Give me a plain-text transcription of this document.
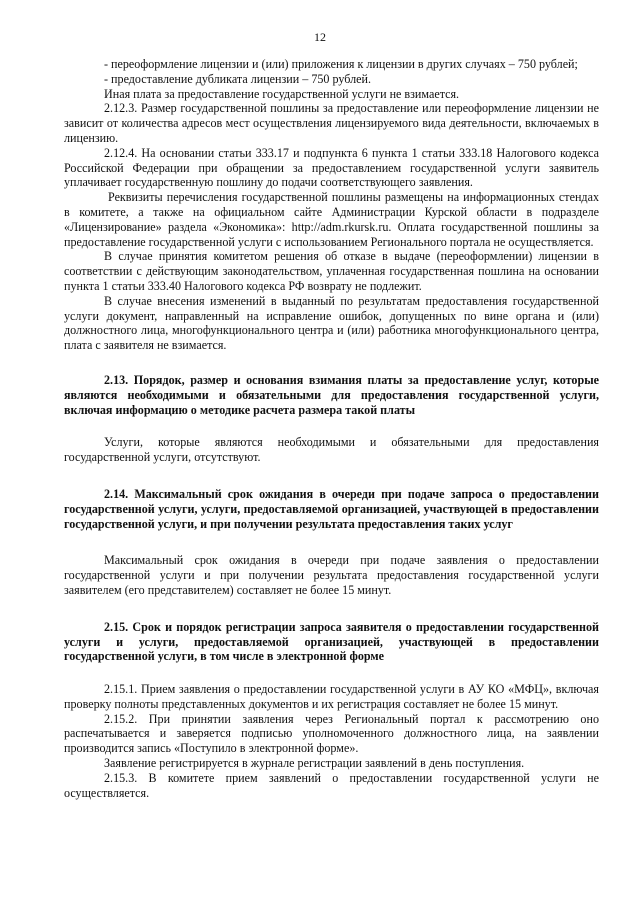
12

- переоформление лицензии и (или) приложения к лицензии в других случаях – 750 рублей;

- предоставление дубликата лицензии – 750 рублей.

Иная плата за предоставление государственной услуги не взимается.

2.12.3. Размер государственной пошлины за предоставление или переоформление лицензии не зависит от количества адресов мест осуществления лицензируемого вида деятельности, включаемых в лицензию.

2.12.4. На основании статьи 333.17 и подпункта 6 пункта 1 статьи 333.18 Налогового кодекса Российской Федерации при обращении за предоставлением государственной услуги заявитель уплачивает государственную пошлину до подачи соответствующего заявления.

Реквизиты перечисления государственной пошлины размещены на информационных стендах в комитете, а также на официальном сайте Администрации Курской области в подразделе «Лицензирование» раздела «Экономика»: http://adm.rkursk.ru. Оплата государственной пошлины за предоставление государственной услуги с использованием Регионального портала не осуществляется.

В случае принятия комитетом решения об отказе в выдаче (переоформлении) лицензии в соответствии с действующим законодательством, уплаченная государственная пошлина на основании пункта 1 статьи 333.40 Налогового кодекса РФ возврату не подлежит.

В случае внесения изменений в выданный по результатам предоставления государственной услуги документ, направленный на исправление ошибок, допущенных по вине органа и (или) должностного лица, многофункционального центра и (или) работника многофункционального центра, плата с заявителя не взимается.

2.13. Порядок, размер и основания взимания платы за предоставление услуг, которые являются необходимыми и обязательными для предоставления государственной услуги, включая информацию о методике расчета размера такой платы

Услуги, которые являются необходимыми и обязательными для предоставления государственной услуги, отсутствуют.

2.14. Максимальный срок ожидания в очереди при подаче запроса о предоставлении государственной услуги, услуги, предоставляемой организацией, участвующей в предоставлении государственной услуги, и при получении результата предоставления таких услуг

Максимальный срок ожидания в очереди при подаче заявления о предоставлении государственной услуги и при получении результата предоставления государственной услуги заявителем (его представителем) составляет не более 15 минут.

2.15. Срок и порядок регистрации запроса заявителя о предоставлении государственной услуги и услуги, предоставляемой организацией, участвующей в предоставлении государственной услуги, в том числе в электронной форме

2.15.1. Прием заявления о предоставлении государственной услуги в АУ КО «МФЦ», включая проверку полноты представленных документов и их регистрация составляет не более 15 минут.

2.15.2. При принятии заявления через Региональный портал к рассмотрению оно распечатывается и заверяется подписью уполномоченного должностного лица, на заявлении производится запись «Поступило в электронной форме».

Заявление регистрируется в журнале регистрации заявлений в день поступления.

2.15.3. В комитете прием заявлений о предоставлении государственной услуги не осуществляется.
